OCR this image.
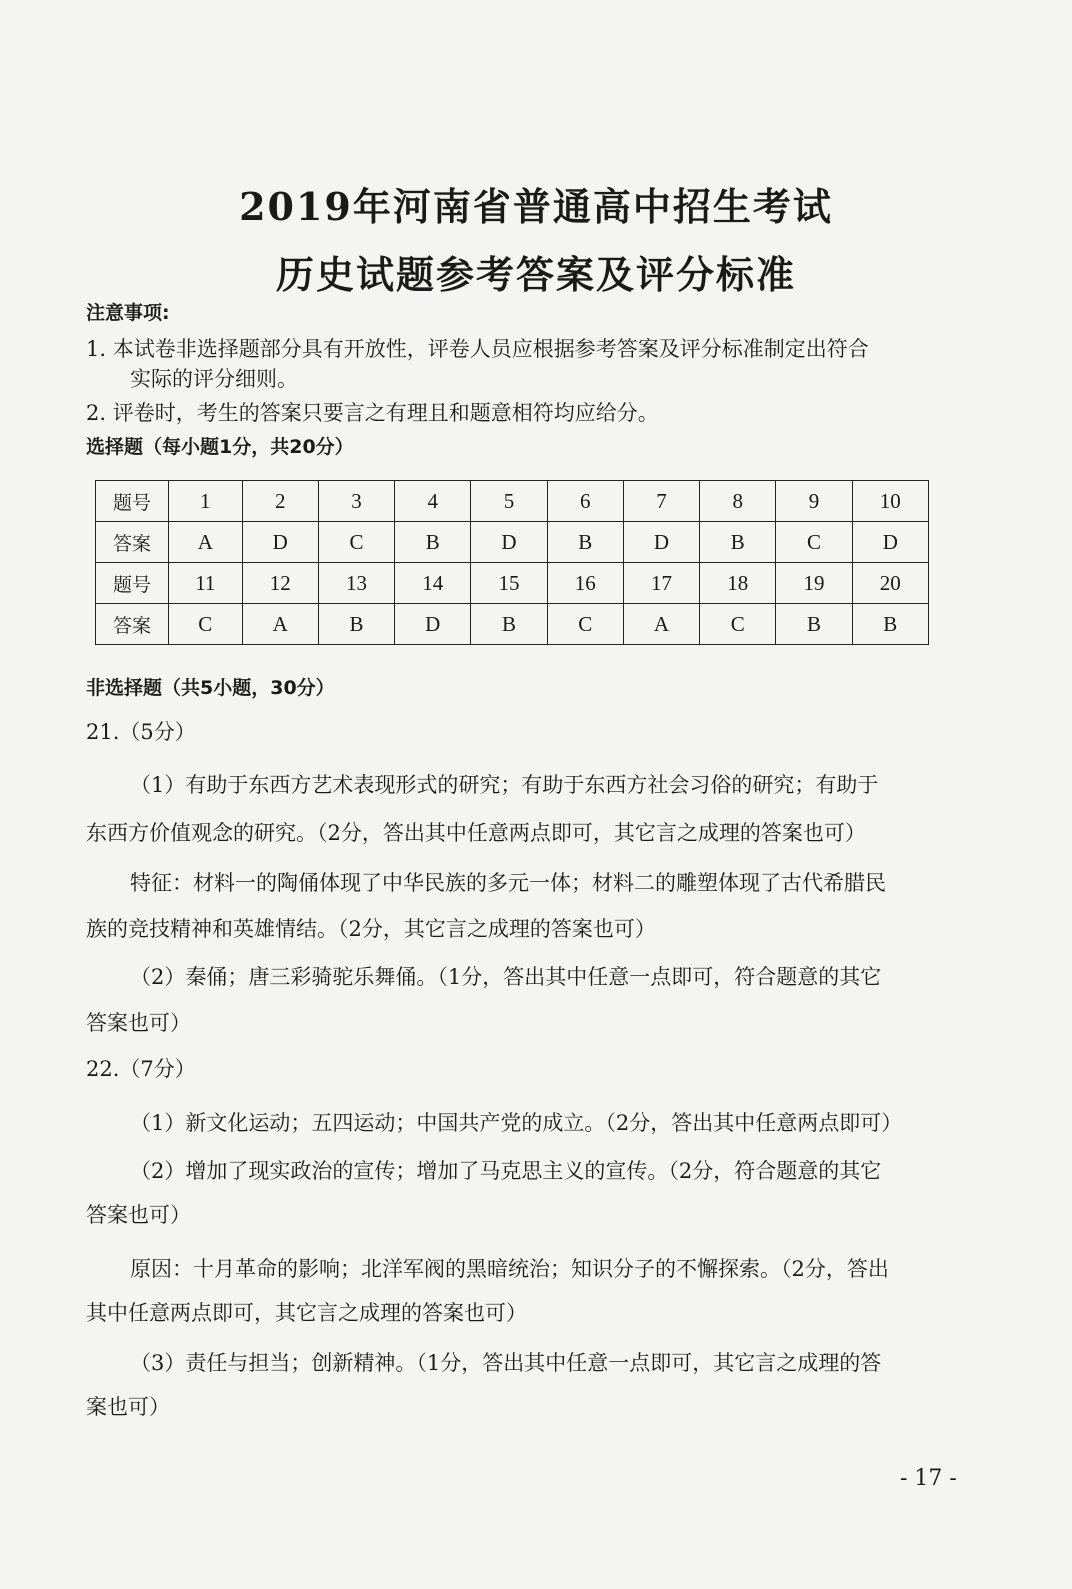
2019年河南省普通高中招生考试
历史试题参考答案及评分标准
注意事项:
1. 本试卷非选择题部分具有开放性，评卷人员应根据参考答案及评分标准制定出符合
实际的评分细则。
2. 评卷时，考生的答案只要言之有理且和题意相符均应给分。
选择题（每小题1分，共20分）
题号	1	2	3	4	5	6	7	8	9	10
答案	A	D	C	B	D	B	D	B	C	D
题号	11	12	13	14	15	16	17	18	19	20
答案	C	A	B	D	B	C	A	C	B	B
非选择题（共5小题，30分）
21.（5分）
（1）有助于东西方艺术表现形式的研究；有助于东西方社会习俗的研究；有助于
东西方价值观念的研究。（2分，答出其中任意两点即可，其它言之成理的答案也可）
特征：材料一的陶俑体现了中华民族的多元一体；材料二的雕塑体现了古代希腊民
族的竞技精神和英雄情结。（2分，其它言之成理的答案也可）
（2）秦俑；唐三彩骑驼乐舞俑。（1分，答出其中任意一点即可，符合题意的其它
答案也可）
22.（7分）
（1）新文化运动；五四运动；中国共产党的成立。（2分，答出其中任意两点即可）
（2）增加了现实政治的宣传；增加了马克思主义的宣传。（2分，符合题意的其它
答案也可）
原因：十月革命的影响；北洋军阀的黑暗统治；知识分子的不懈探索。（2分，答出
其中任意两点即可，其它言之成理的答案也可）
（3）责任与担当；创新精神。（1分，答出其中任意一点即可，其它言之成理的答
案也可）
- 17 -
